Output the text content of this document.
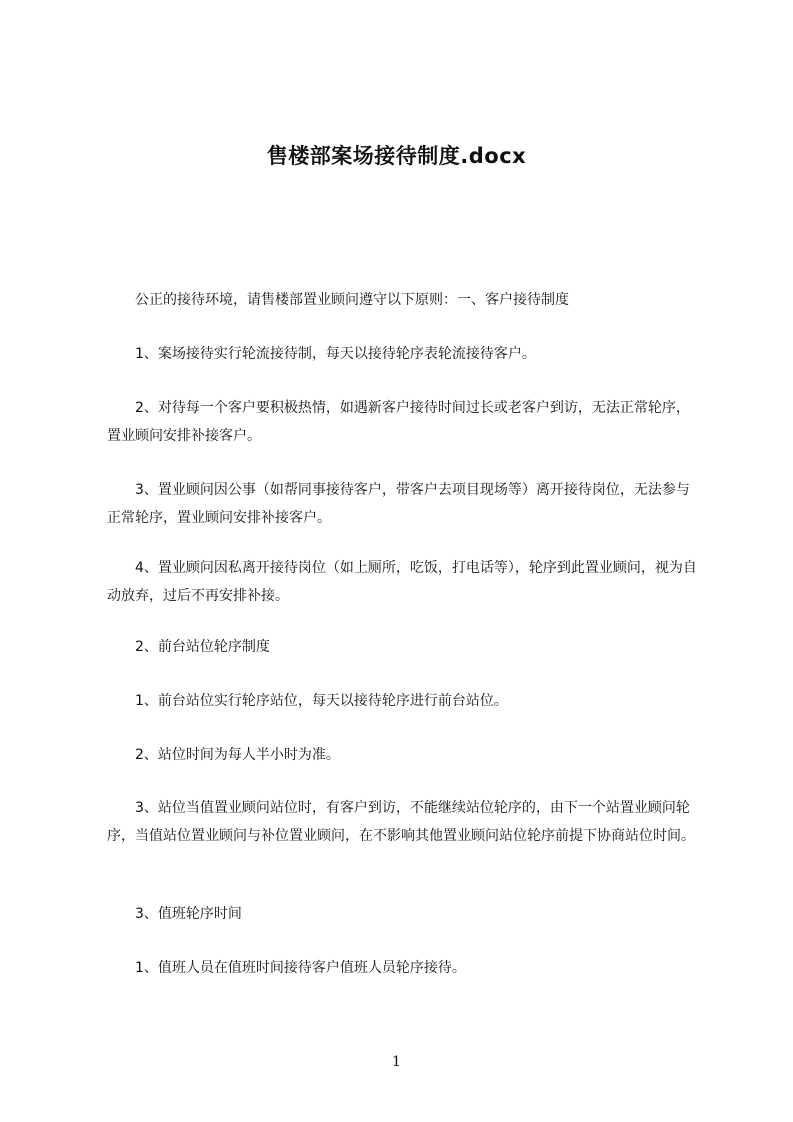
售楼部案场接待制度.docx

公正的接待环境，请售楼部置业顾问遵守以下原则：一、客户接待制度

1、案场接待实行轮流接待制，每天以接待轮序表轮流接待客户。

2、对待每一个客户要积极热情，如遇新客户接待时间过长或老客户到访，无法正常轮序，置业顾问安排补接客户。

3、置业顾问因公事（如帮同事接待客户，带客户去项目现场等）离开接待岗位，无法参与正常轮序，置业顾问安排补接客户。

4、置业顾问因私离开接待岗位（如上厕所，吃饭，打电话等），轮序到此置业顾问，视为自动放弃，过后不再安排补接。

2、前台站位轮序制度

1、前台站位实行轮序站位，每天以接待轮序进行前台站位。

2、站位时间为每人半小时为准。

3、站位当值置业顾问站位时，有客户到访，不能继续站位轮序的，由下一个站置业顾问轮序，当值站位置业顾问与补位置业顾问，在不影响其他置业顾问站位轮序前提下协商站位时间。

3、值班轮序时间

1、值班人员在值班时间接待客户值班人员轮序接待。

1
